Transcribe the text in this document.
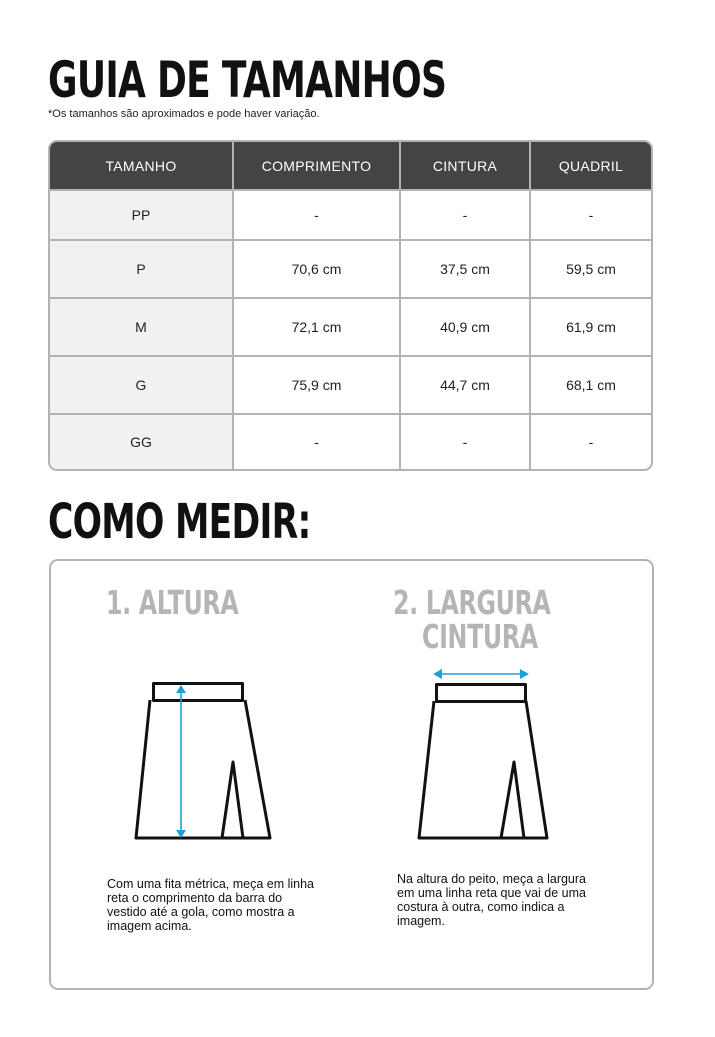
GUIA DE TAMANHOS
*Os tamanhos são aproximados e pode haver variação.
TAMANHO	COMPRIMENTO	CINTURA	QUADRIL
PP	-	-	-
P	70,6 cm	37,5 cm	59,5 cm
M	72,1 cm	40,9 cm	61,9 cm
G	75,9 cm	44,7 cm	68,1 cm
GG	-	-	-
COMO MEDIR:
1. ALTURA

Com uma fita métrica, meça em linha reta o comprimento da barra do vestido até a gola, como mostra a imagem acima.

2. LARGURA
CINTURA

Na altura do peito, meça a largura em uma linha reta que vai de uma costura à outra, como indica a imagem.
